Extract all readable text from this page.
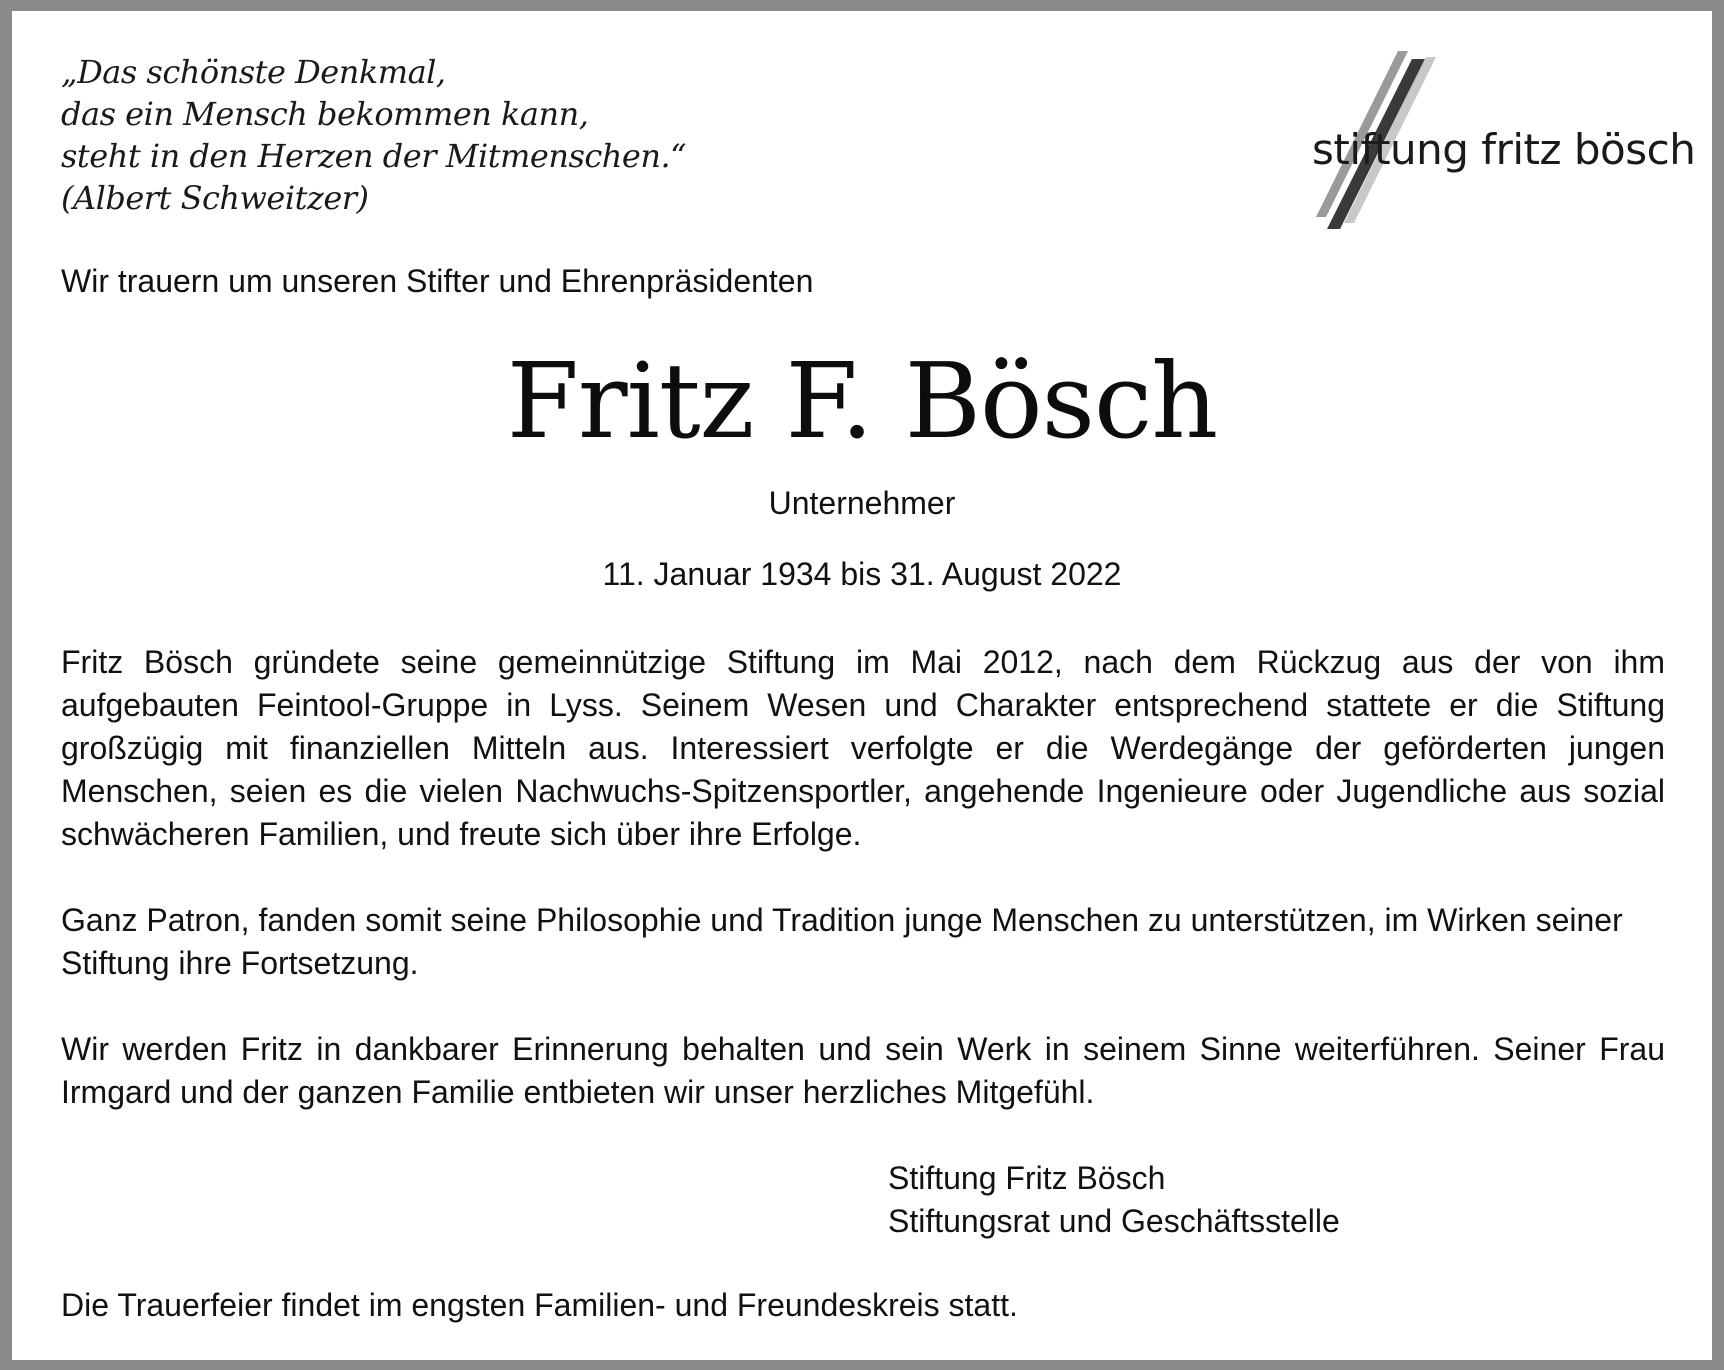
„Das schönste Denkmal,
das ein Mensch bekommen kann,
steht in den Herzen der Mitmenschen.“
(Albert Schweitzer)
stiftung fritz bösch
Wir trauern um unseren Stifter und Ehrenpräsidenten
Fritz F. Bösch
Unternehmer
11. Januar 1934 bis 31. August 2022
Fritz Bösch gründete seine gemeinnützige Stiftung im Mai 2012, nach dem Rückzug aus der von ihm aufgebauten Feintool-Gruppe in Lyss. Seinem Wesen und Charakter entsprechend stattete er die Stiftung großzügig mit finanziellen Mitteln aus. Interessiert verfolgte er die Werdegänge der geförderten jungen Menschen, seien es die vielen Nachwuchs-Spitzensportler, angehende Ingenieure oder Jugendliche aus sozial schwächeren Familien, und freute sich über ihre Erfolge.
Ganz Patron, fanden somit seine Philosophie und Tradition junge Menschen zu unterstützen, im Wirken seiner Stiftung ihre Fortsetzung.
Wir werden Fritz in dankbarer Erinnerung behalten und sein Werk in seinem Sinne weiterführen. Seiner Frau Irmgard und der ganzen Familie entbieten wir unser herzliches Mitgefühl.
Stiftung Fritz Bösch
Stiftungsrat und Geschäftsstelle
Die Trauerfeier findet im engsten Familien- und Freundeskreis statt.
